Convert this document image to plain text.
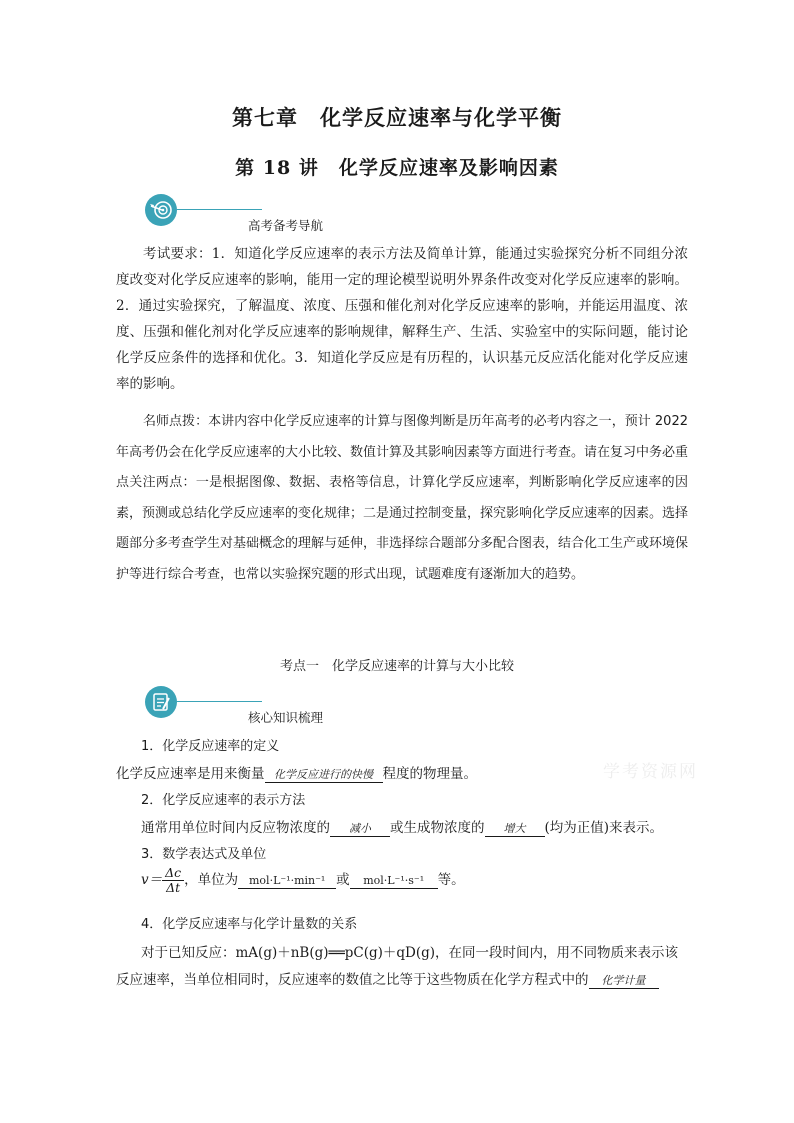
第七章　化学反应速率与化学平衡
第 18 讲　化学反应速率及影响因素
高考备考导航

考试要求：1．知道化学反应速率的表示方法及简单计算，能通过实验探究分析不同组分浓度改变对化学反应速率的影响，能用一定的理论模型说明外界条件改变对化学反应速率的影响。2．通过实验探究，了解温度、浓度、压强和催化剂对化学反应速率的影响，并能运用温度、浓度、压强和催化剂对化学反应速率的影响规律，解释生产、生活、实验室中的实际问题，能讨论化学反应条件的选择和优化。3．知道化学反应是有历程的，认识基元反应活化能对化学反应速率的影响。

名师点拨：本讲内容中化学反应速率的计算与图像判断是历年高考的必考内容之一，预计 2022 年高考仍会在化学反应速率的大小比较、数值计算及其影响因素等方面进行考查。请在复习中务必重点关注两点：一是根据图像、数据、表格等信息，计算化学反应速率，判断影响化学反应速率的因素，预测或总结化学反应速率的变化规律；二是通过控制变量，探究影响化学反应速率的因素。选择题部分多考查学生对基础概念的理解与延伸，非选择综合题部分多配合图表，结合化工生产或环境保护等进行综合考查，也常以实验探究题的形式出现，试题难度有逐渐加大的趋势。

考点一　化学反应速率的计算与大小比较
核心知识梳理
学考资源网
1．化学反应速率的定义
化学反应速率是用来衡量 化学反应进行的快慢 程度的物理量。
2．化学反应速率的表示方法
通常用单位时间内反应物浓度的 减小 或生成物浓度的 增大 (均为正值)来表示。
3．数学表达式及单位
$v= \frac{\Delta c}{\Delta t}$ ，单位为 mol·L⁻¹·min⁻¹ 或 mol·L⁻¹·s⁻¹ 等。
4．化学反应速率与化学计量数的关系
对于已知反应：mA(g)＋nB(g)══pC(g)＋qD(g)，在同一段时间内，用不同物质来表示该
反应速率，当单位相同时，反应速率的数值之比等于这些物质在化学方程式中的 化学计量
